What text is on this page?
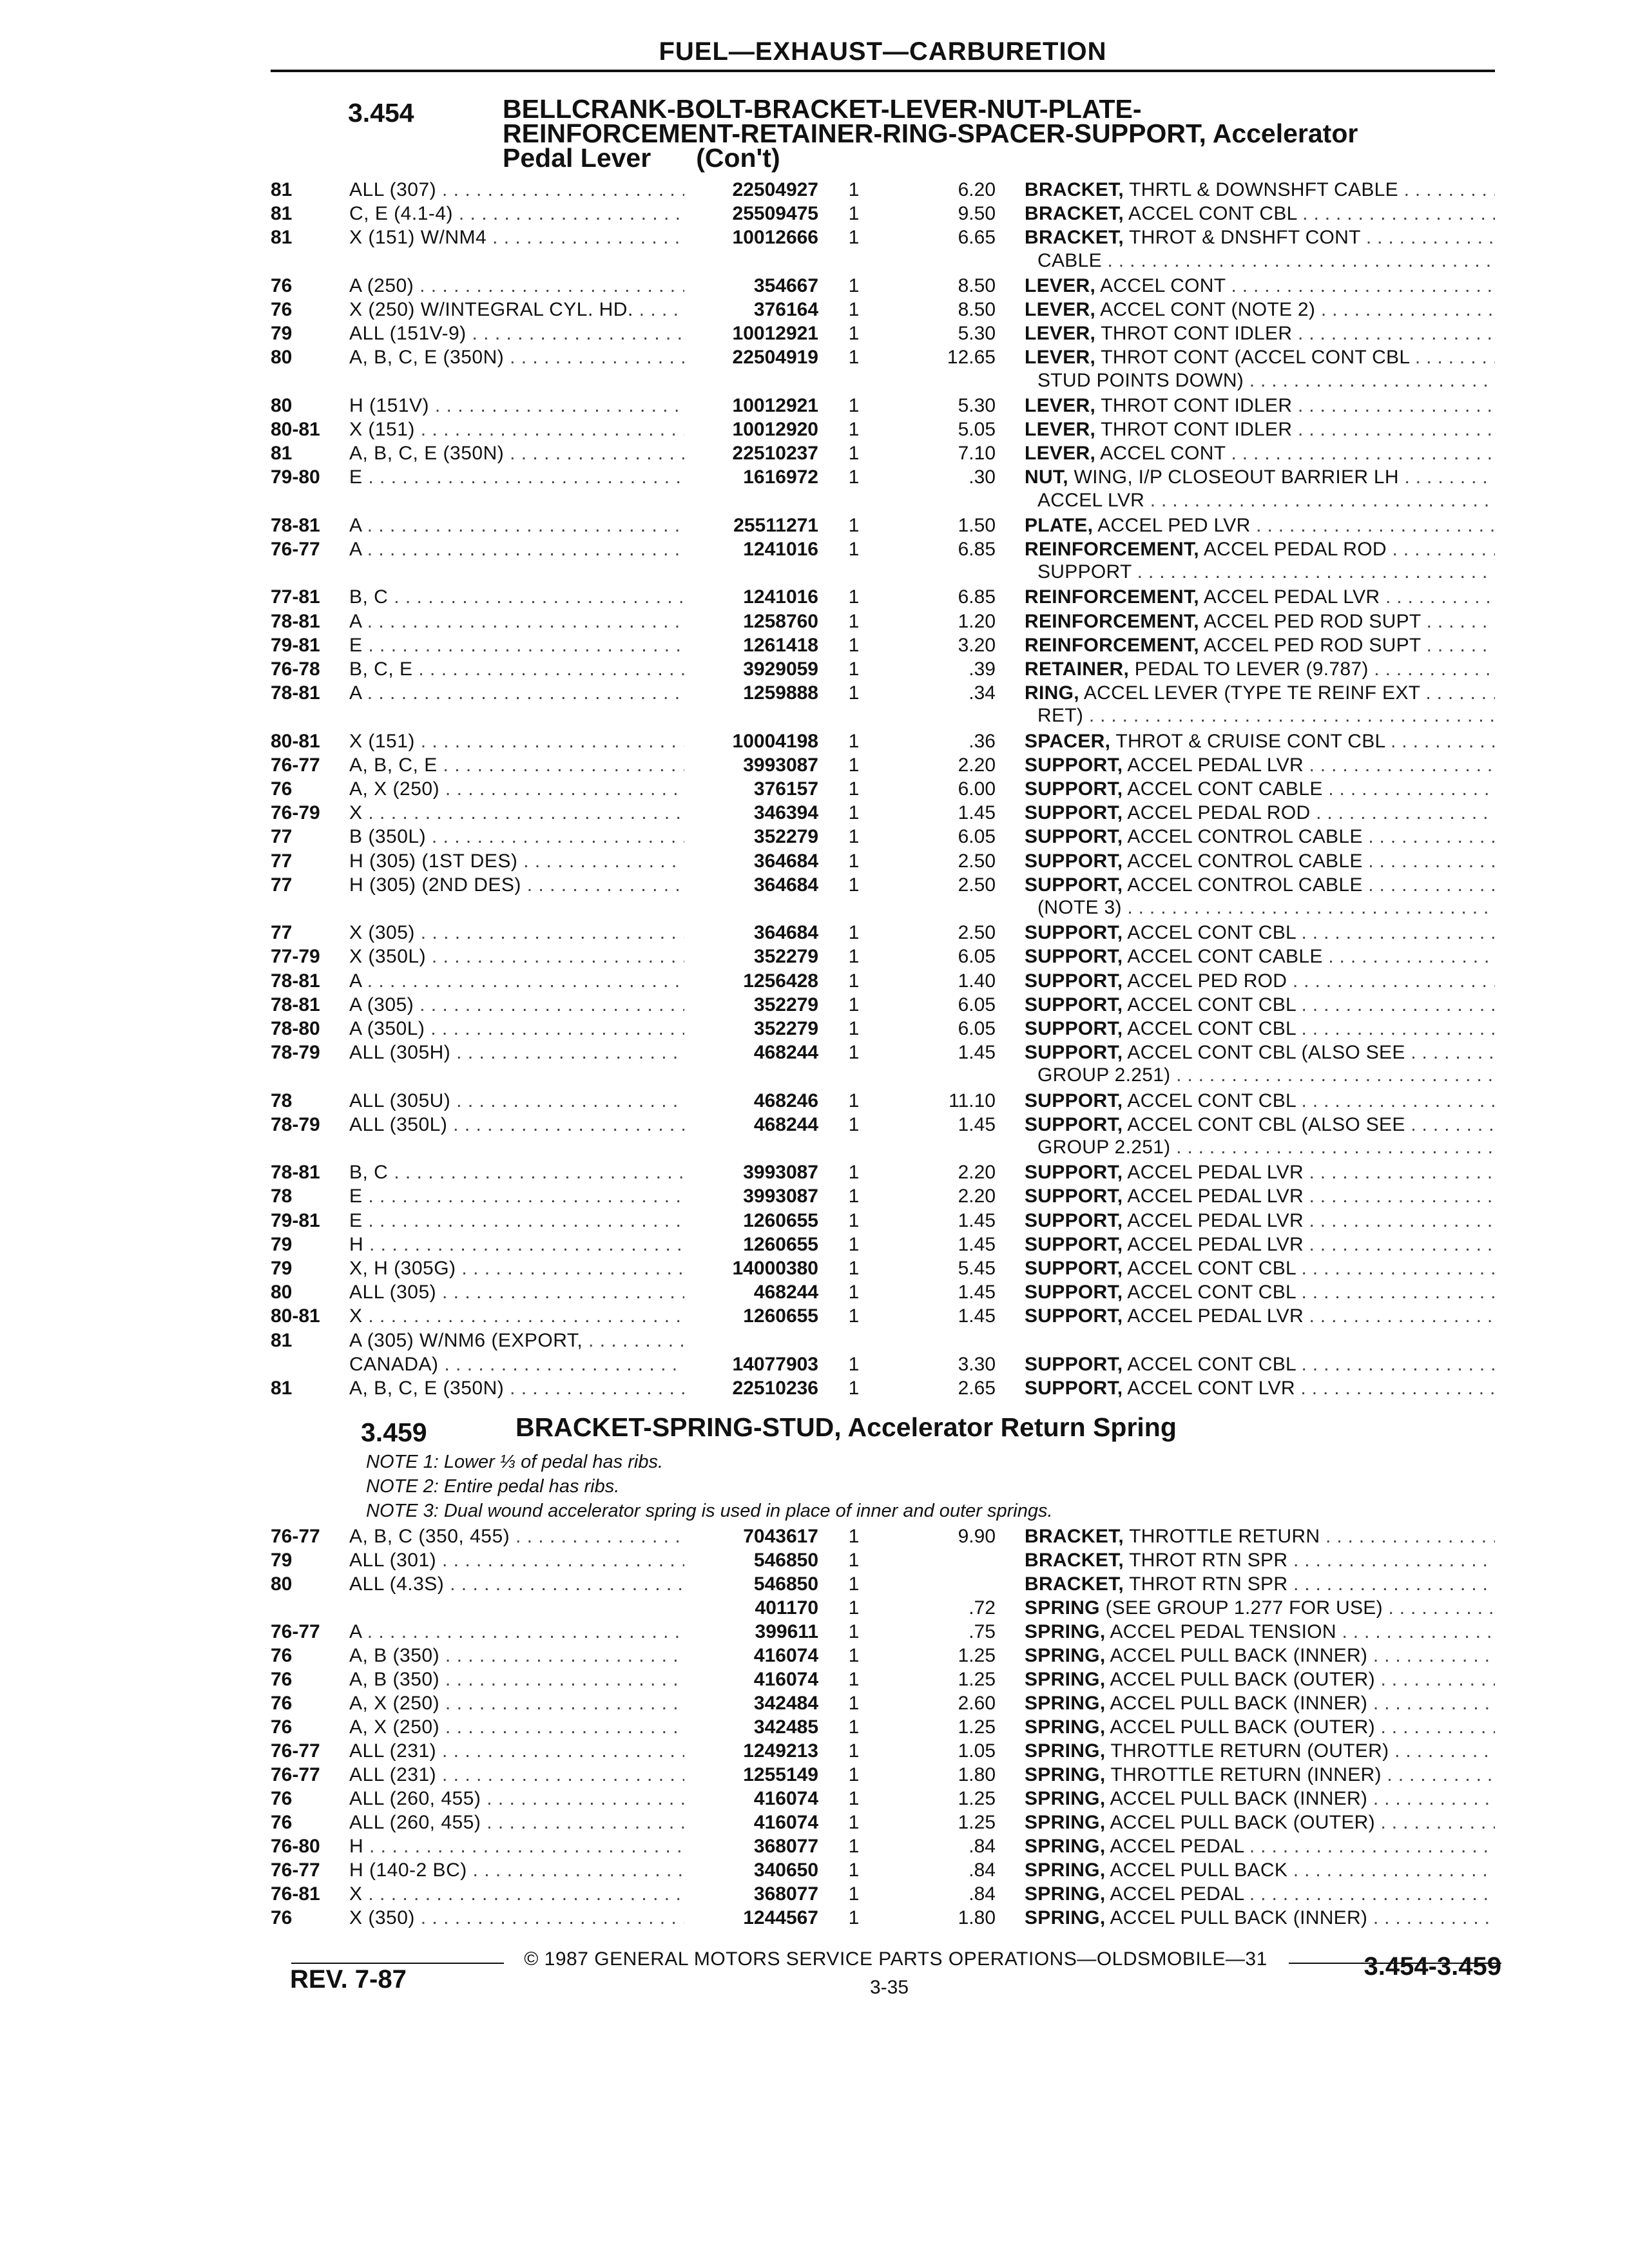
FUEL—EXHAUST—CARBURETION
3.454	BELLCRANK-BOLT-BRACKET-LEVER-NUT-PLATE-
REINFORCEMENT-RETAINER-RING-SPACER-SUPPORT, Accelerator
Pedal Lever (Con't)
81	ALL (307) . . .	22504927	1	6.20 BRACKET, THRTL & DOWNSHFT CABLE . . .
81	C, E (4.1-4) . . .	25509475	1	9.50 BRACKET, ACCEL CONT CBL . . .
81	X (151) W/NM4 . . .	10012666	1	6.65 BRACKET, THROT & DNSHFT CONT . . .
CABLE . . .
76	A (250) . . .	354667	1	8.50 LEVER, ACCEL CONT . . .
76	X (250) W/INTEGRAL CYL. HD. . . .	376164	1	8.50 LEVER, ACCEL CONT (NOTE 2) . . .
79	ALL (151V-9) . . .	10012921	1	5.30 LEVER, THROT CONT IDLER . . .
80	A, B, C, E (350N) . . .	22504919	1	12.65 LEVER, THROT CONT (ACCEL CONT CBL . . .
STUD POINTS DOWN) . . .
80	H (151V) . . .	10012921	1	5.30 LEVER, THROT CONT IDLER . . .
80-81	X (151) . . .	10012920	1	5.05 LEVER, THROT CONT IDLER . . .
81	A, B, C, E (350N) . . .	22510237	1	7.10 LEVER, ACCEL CONT . . .
79-80	E . . .	1616972	1	.30 NUT, WING, I/P CLOSEOUT BARRIER LH . . .
ACCEL LVR . . .
78-81	A . . .	25511271	1	1.50 PLATE, ACCEL PED LVR . . .
76-77	A . . .	1241016	1	6.85 REINFORCEMENT, ACCEL PEDAL ROD . . .
SUPPORT . . .
77-81	B, C . . .	1241016	1	6.85 REINFORCEMENT, ACCEL PEDAL LVR . . .
78-81	A . . .	1258760	1	1.20 REINFORCEMENT, ACCEL PED ROD SUPT . . .
79-81	E . . .	1261418	1	3.20 REINFORCEMENT, ACCEL PED ROD SUPT . . .
76-78	B, C, E . . .	3929059	1	.39 RETAINER, PEDAL TO LEVER (9.787) . . .
78-81	A . . .	1259888	1	.34 RING, ACCEL LEVER (TYPE TE REINF EXT . . .
RET) . . .
80-81	X (151) . . .	10004198	1	.36 SPACER, THROT & CRUISE CONT CBL . . .
76-77	A, B, C, E . . .	3993087	1	2.20 SUPPORT, ACCEL PEDAL LVR . . .
76	A, X (250) . . .	376157	1	6.00 SUPPORT, ACCEL CONT CABLE . . .
76-79	X . . .	346394	1	1.45 SUPPORT, ACCEL PEDAL ROD . . .
77	B (350L) . . .	352279	1	6.05 SUPPORT, ACCEL CONTROL CABLE . . .
77	H (305) (1ST DES) . . .	364684	1	2.50 SUPPORT, ACCEL CONTROL CABLE . . .
77	H (305) (2ND DES) . . .	364684	1	2.50 SUPPORT, ACCEL CONTROL CABLE . . .
(NOTE 3) . . .
77	X (305) . . .	364684	1	2.50 SUPPORT, ACCEL CONT CBL . . .
77-79	X (350L) . . .	352279	1	6.05 SUPPORT, ACCEL CONT CABLE . . .
78-81	A . . .	1256428	1	1.40 SUPPORT, ACCEL PED ROD . . .
78-81	A (305) . . .	352279	1	6.05 SUPPORT, ACCEL CONT CBL . . .
78-80	A (350L) . . .	352279	1	6.05 SUPPORT, ACCEL CONT CBL . . .
78-79	ALL (305H) . . .	468244	1	1.45 SUPPORT, ACCEL CONT CBL (ALSO SEE . . .
GROUP 2.251) . . .
78	ALL (305U) . . .	468246	1	11.10 SUPPORT, ACCEL CONT CBL . . .
78-79	ALL (350L) . . .	468244	1	1.45 SUPPORT, ACCEL CONT CBL (ALSO SEE . . .
GROUP 2.251) . . .
78-81	B, C . . .	3993087	1	2.20 SUPPORT, ACCEL PEDAL LVR . . .
78	E . . .	3993087	1	2.20 SUPPORT, ACCEL PEDAL LVR . . .
79-81	E . . .	1260655	1	1.45 SUPPORT, ACCEL PEDAL LVR . . .
79	H . . .	1260655	1	1.45 SUPPORT, ACCEL PEDAL LVR . . .
79	X, H (305G) . . .	14000380	1	5.45 SUPPORT, ACCEL CONT CBL . . .
80	ALL (305) . . .	468244	1	1.45 SUPPORT, ACCEL CONT CBL . . .
80-81	X . . .	1260655	1	1.45 SUPPORT, ACCEL PEDAL LVR . . .
81	A (305) W/NM6 (EXPORT, . . .
CANADA) . . .	14077903	1	3.30 SUPPORT, ACCEL CONT CBL . . .
81	A, B, C, E (350N) . . .	22510236	1	2.65 SUPPORT, ACCEL CONT LVR . . .
3.459	BRACKET-SPRING-STUD, Accelerator Return Spring
NOTE 1: Lower ⅓ of pedal has ribs.
NOTE 2: Entire pedal has ribs.
NOTE 3: Dual wound accelerator spring is used in place of inner and outer springs.
76-77	A, B, C (350, 455) . . .	7043617	1	9.90 BRACKET, THROTTLE RETURN . . .
79	ALL (301) . . .	546850	1	BRACKET, THROT RTN SPR . . .
80	ALL (4.3S) . . .	546850	1	BRACKET, THROT RTN SPR . . .
401170	1	.72 SPRING (SEE GROUP 1.277 FOR USE) . . .
76-77	A . . .	399611	1	.75 SPRING, ACCEL PEDAL TENSION . . .
76	A, B (350) . . .	416074	1	1.25 SPRING, ACCEL PULL BACK (INNER) . . .
76	A, B (350) . . .	416074	1	1.25 SPRING, ACCEL PULL BACK (OUTER) . . .
76	A, X (250) . . .	342484	1	2.60 SPRING, ACCEL PULL BACK (INNER) . . .
76	A, X (250) . . .	342485	1	1.25 SPRING, ACCEL PULL BACK (OUTER) . . .
76-77	ALL (231) . . .	1249213	1	1.05 SPRING, THROTTLE RETURN (OUTER) . . .
76-77	ALL (231) . . .	1255149	1	1.80 SPRING, THROTTLE RETURN (INNER) . . .
76	ALL (260, 455) . . .	416074	1	1.25 SPRING, ACCEL PULL BACK (INNER) . . .
76	ALL (260, 455) . . .	416074	1	1.25 SPRING, ACCEL PULL BACK (OUTER) . . .
76-80	H . . .	368077	1	.84 SPRING, ACCEL PEDAL . . .
76-77	H (140-2 BC) . . .	340650	1	.84 SPRING, ACCEL PULL BACK . . .
76-81	X . . .	368077	1	.84 SPRING, ACCEL PEDAL . . .
76	X (350) . . .	1244567	1	1.80 SPRING, ACCEL PULL BACK (INNER) . . .
© 1987 GENERAL MOTORS SERVICE PARTS OPERATIONS—OLDSMOBILE—31
REV. 7-87	3-35
3.454-3.459
